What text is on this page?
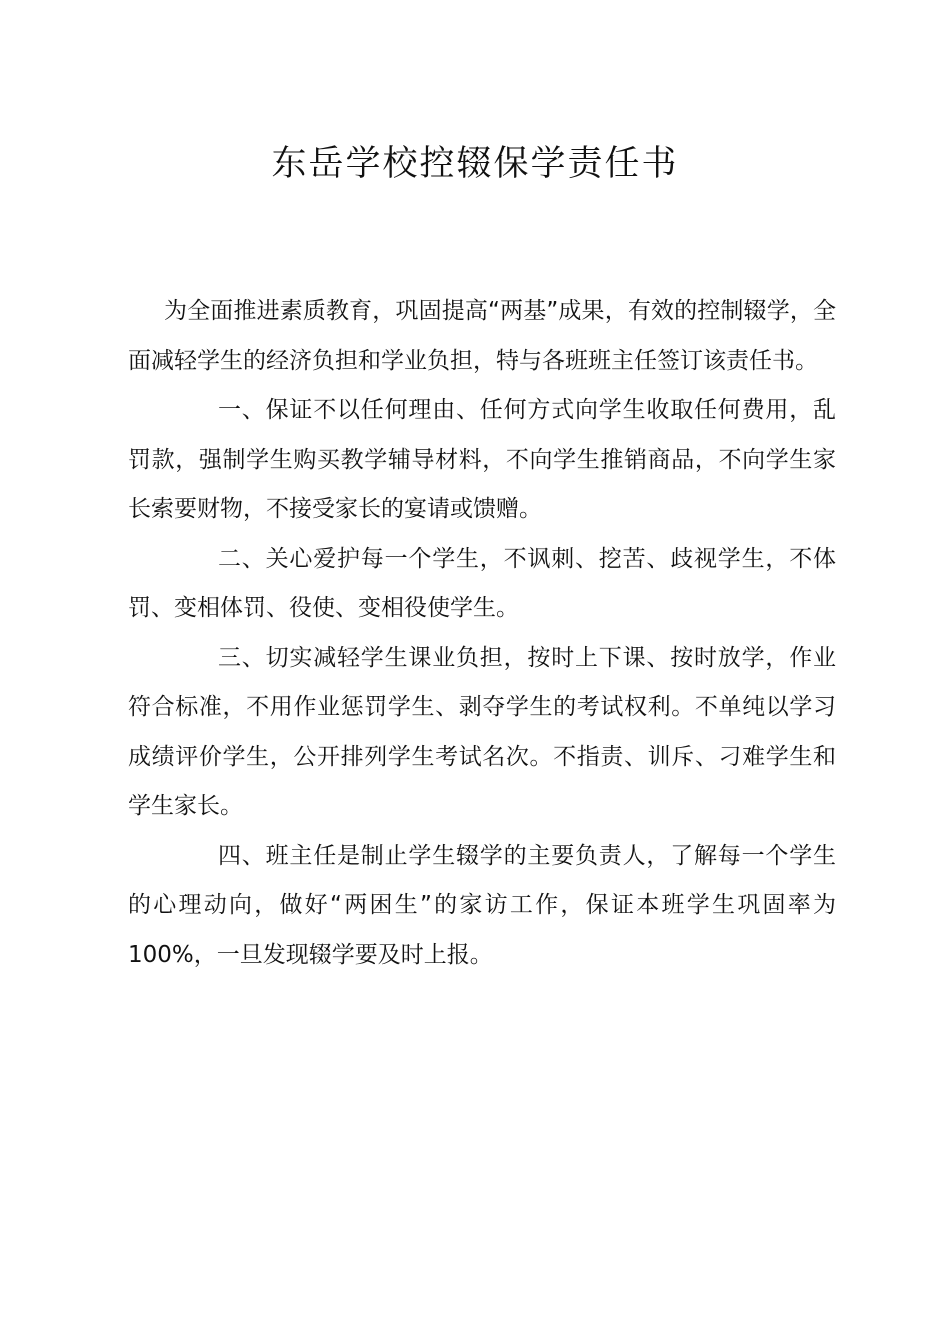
东岳学校控辍保学责任书

为全面推进素质教育，巩固提高“两基”成果，有效的控制辍学，全面减轻学生的经济负担和学业负担，特与各班班主任签订该责任书。

一、保证不以任何理由、任何方式向学生收取任何费用，乱罚款，强制学生购买教学辅导材料，不向学生推销商品，不向学生家长索要财物，不接受家长的宴请或馈赠。

二、关心爱护每一个学生，不讽刺、挖苦、歧视学生，不体罚、变相体罚、役使、变相役使学生。

三、切实减轻学生课业负担，按时上下课、按时放学，作业符合标准，不用作业惩罚学生、剥夺学生的考试权利。不单纯以学习成绩评价学生，公开排列学生考试名次。不指责、训斥、刁难学生和学生家长。

四、班主任是制止学生辍学的主要负责人，了解每一个学生的心理动向，做好“两困生”的家访工作，保证本班学生巩固率为 100%，一旦发现辍学要及时上报。
